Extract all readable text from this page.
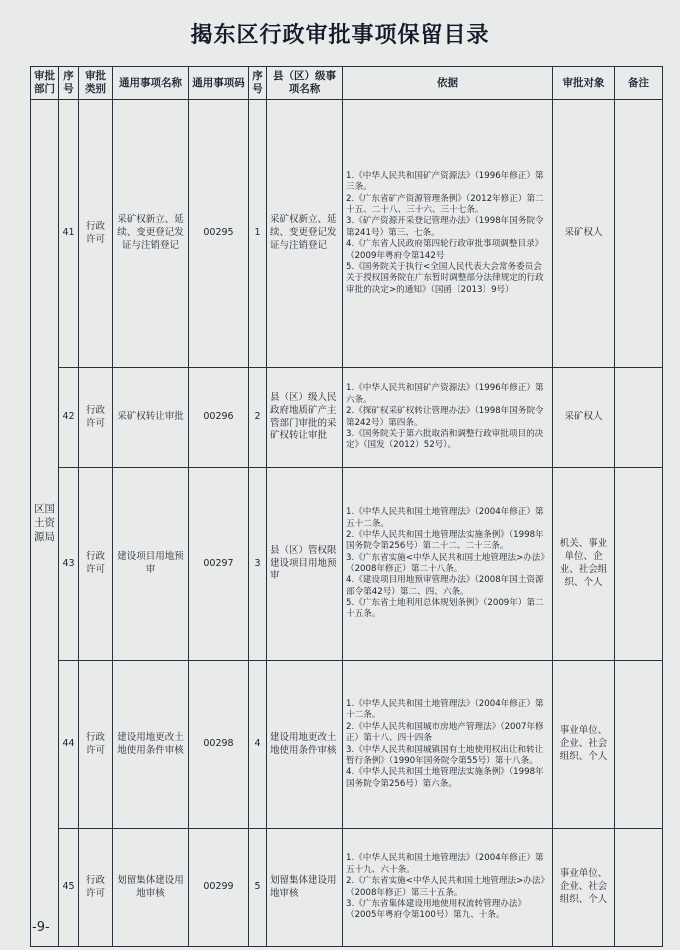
揭东区行政审批事项保留目录
审批部门	序号	审批类别	通用事项名称	通用事项码	序号	县（区）级事项名称	依据	审批对象	备注
区国土资源局	41	行政许可	采矿权新立、延续、变更登记发证与注销登记	00295	1	采矿权新立、延续、变更登记发证与注销登记	1.《中华人民共和国矿产资源法》（1996年修正）第三条。
2.《广东省矿产资源管理条例》（2012年修正）第二十五、二十八、三十六、三十七条。
3.《矿产资源开采登记管理办法》（1998年国务院令第241号）第三、七条。
4.《广东省人民政府第四轮行政审批事项调整目录》（2009年粤府令第142号
5.《国务院关于执行<全国人民代表大会常务委员会关于授权国务院在广东暂时调整部分法律规定的行政审批的决定>的通知》（国函〔2013〕9号）	采矿权人	
	42	行政许可	采矿权转让审批	00296	2	县（区）级人民政府地质矿产主管部门审批的采矿权转让审批	1.《中华人民共和国矿产资源法》（1996年修正）第六条。
2.《探矿权采矿权转让管理办法》（1998年国务院令第242号）第四条。
3.《国务院关于第六批取消和调整行政审批项目的决定》（国发（2012）52号）。	采矿权人	
	43	行政许可	建设项目用地预审	00297	3	县（区）管权限建设项目用地预审	1.《中华人民共和国土地管理法》（2004年修正）第五十二条。
2.《中华人民共和国土地管理法实施条例》（1998年国务院令第256号）第二十二、二十三条。
3.《广东省实施<中华人民共和国土地管理法>办法》（2008年修正）第二十八条。
4.《建设项目用地预审管理办法》（2008年国土资源部令第42号）第二、四、六条。
5.《广东省土地利用总体规划条例》（2009年）第二十五条。	机关、事业单位、企业、社会组织、个人	
	44	行政许可	建设用地更改土地使用条件审核	00298	4	建设用地更改土地使用条件审核	1.《中华人民共和国土地管理法》（2004年修正）第十二条。
2.《中华人民共和国城市房地产管理法》（2007年修正）第十八、四十四条
3.《中华人民共和国城镇国有土地使用权出让和转让暂行条例》（1990年国务院令第55号）第十八条。
4.《中华人民共和国土地管理法实施条例》（1998年国务院令第256号）第六条。	事业单位、企业、社会组织、个人	
	45	行政许可	划留集体建设用地审核	00299	5	划留集体建设用地审核	1.《中华人民共和国土地管理法》（2004年修正）第五十九、六十条。
2.《广东省实施<中华人民共和国土地管理法>办法》（2008年修正）第三十五条。
3.《广东省集体建设用地使用权流转管理办法》（2005年粤府令第100号）第九、十条。	事业单位、企业、社会组织、个人	
-9-
